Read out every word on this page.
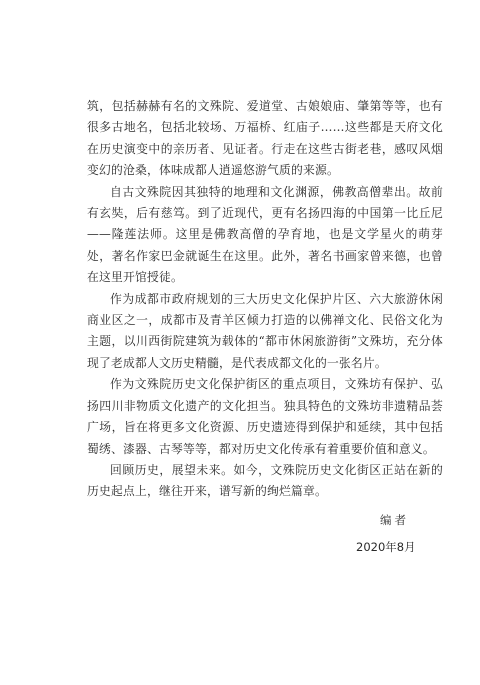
筑，包括赫赫有名的文殊院、爱道堂、古娘娘庙、肇第等等，也有很多古地名，包括北较场、万福桥、红庙子……这些都是天府文化在历史演变中的亲历者、见证者。行走在这些古街老巷，感叹风烟变幻的沧桑，体味成都人逍遥悠游气质的来源。

自古文殊院因其独特的地理和文化渊源，佛教高僧辈出。故前有玄奘，后有慈笃。到了近现代，更有名扬四海的中国第一比丘尼——隆莲法师。这里是佛教高僧的孕育地，也是文学星火的萌芽处，著名作家巴金就诞生在这里。此外，著名书画家曾来德，也曾在这里开馆授徒。

作为成都市政府规划的三大历史文化保护片区、六大旅游休闲商业区之一，成都市及青羊区倾力打造的以佛禅文化、民俗文化为主题，以川西街院建筑为载体的“都市休闲旅游街”文殊坊，充分体现了老成都人文历史精髓，是代表成都文化的一张名片。

作为文殊院历史文化保护街区的重点项目，文殊坊有保护、弘扬四川非物质文化遗产的文化担当。独具特色的文殊坊非遗精品荟广场，旨在将更多文化资源、历史遗迹得到保护和延续，其中包括蜀绣、漆器、古琴等等，都对历史文化传承有着重要价值和意义。

回顾历史，展望未来。如今，文殊院历史文化街区正站在新的历史起点上，继往开来，谱写新的绚烂篇章。

编者
2020年8月
